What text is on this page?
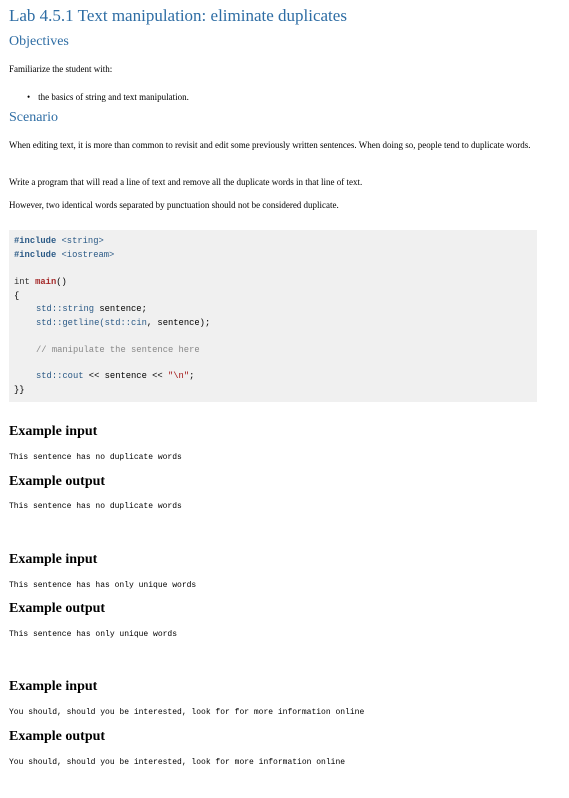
Lab 4.5.1 Text manipulation: eliminate duplicates
Objectives

Familiarize the student with:

• the basics of string and text manipulation.
Scenario

When editing text, it is more than common to revisit and edit some previously written sentences. When doing so, people tend to duplicate words.

Write a program that will read a line of text and remove all the duplicate words in that line of text.

However, two identical words separated by punctuation should not be considered duplicate.

#include <string>
#include <iostream>
int main()
{
std::string sentence;
std::getline(std::cin, sentence);
// manipulate the sentence here
std::cout << sentence << "\n";
}}
Example input
This sentence has no duplicate words
Example output
This sentence has no duplicate words
Example input
This sentence has has only unique words
Example output
This sentence has only unique words
Example input
You should, should you be interested, look for for more information online
Example output
You should, should you be interested, look for more information online
